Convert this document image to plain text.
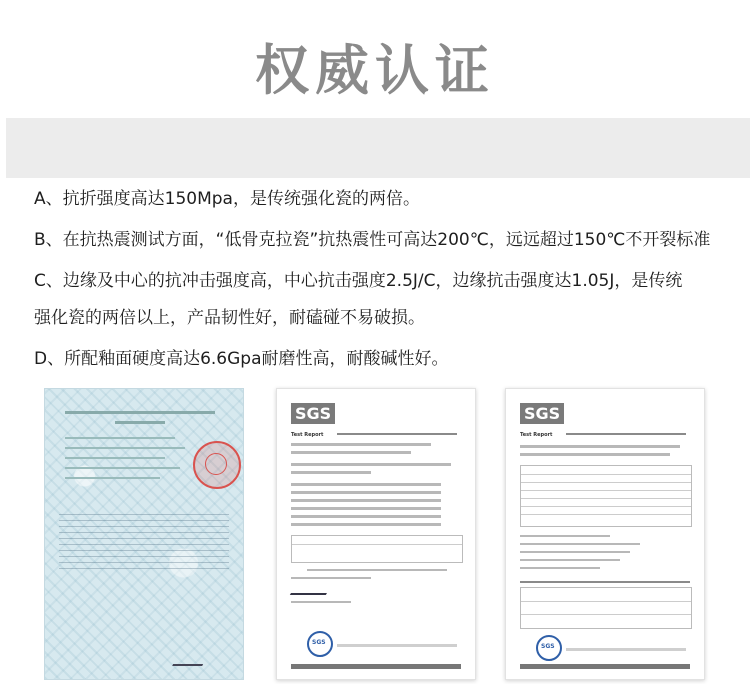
权威认证
A、抗折强度高达150Mpa，是传统强化瓷的两倍。
B、在抗热震测试方面，“低骨克拉瓷”抗热震性可高达200℃，远远超过150℃不开裂标准
C、边缘及中心的抗冲击强度高，中心抗击强度2.5J/C，边缘抗击强度达1.05J，是传统
强化瓷的两倍以上，产品韧性好，耐磕碰不易破损。
D、所配釉面硬度高达6.6Gpa耐磨性高，耐酸碱性好。
SGS
Test Report
SGS
SGS
Test Report
SGS
